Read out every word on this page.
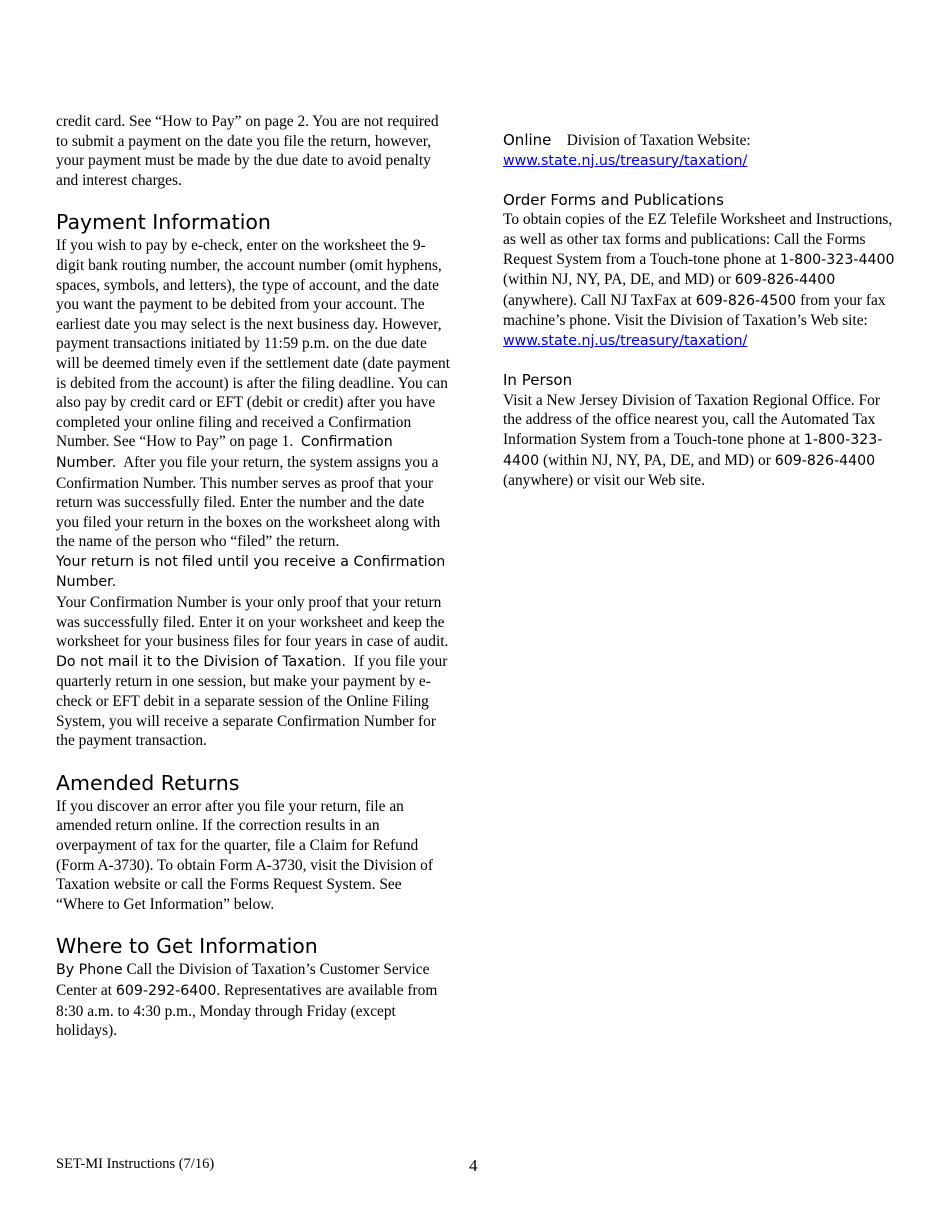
credit card. See “How to Pay” on page 2. You are not required to submit a payment on the date you file the return, however, your payment must be made by the due date to avoid penalty and interest charges.

Payment Information

If you wish to pay by e-check, enter on the worksheet the 9-digit bank routing number, the account number (omit hyphens, spaces, symbols, and letters), the type of account, and the date you want the payment to be debited from your account. The earliest date you may select is the next business day. However, payment transactions initiated by 11:59 p.m. on the due date will be deemed timely even if the settlement date (date payment is debited from the account) is after the filing deadline. You can also pay by credit card or EFT (debit or credit) after you have completed your online filing and received a Confirmation Number. See “How to Pay” on page 1. Confirmation Number. After you file your return, the system assigns you a Confirmation Number. This number serves as proof that your return was successfully filed. Enter the number and the date you filed your return in the boxes on the worksheet along with the name of the person who “filed” the return.
Your return is not filed until you receive a Confirmation Number.
Your Confirmation Number is your only proof that your return was successfully filed. Enter it on your worksheet and keep the worksheet for your business files for four years in case of audit. Do not mail it to the Division of Taxation. If you file your quarterly return in one session, but make your payment by e-check or EFT debit in a separate session of the Online Filing System, you will receive a separate Confirmation Number for the payment transaction.

Amended Returns

If you discover an error after you file your return, file an amended return online. If the correction results in an overpayment of tax for the quarter, file a Claim for Refund (Form A-3730). To obtain Form A-3730, visit the Division of Taxation website or call the Forms Request System. See “Where to Get Information” below.

Where to Get Information

By Phone Call the Division of Taxation’s Customer Service Center at 609-292-6400. Representatives are available from 8:30 a.m. to 4:30 p.m., Monday through Friday (except holidays).

Online Division of Taxation Website:
www.state.nj.us/treasury/taxation/

Order Forms and Publications

To obtain copies of the EZ Telefile Worksheet and Instructions, as well as other tax forms and publications: Call the Forms Request System from a Touch-tone phone at 1-800-323-4400 (within NJ, NY, PA, DE, and MD) or 609-826-4400 (anywhere). Call NJ TaxFax at 609-826-4500 from your fax machine’s phone. Visit the Division of Taxation’s Web site:
www.state.nj.us/treasury/taxation/

In Person

Visit a New Jersey Division of Taxation Regional Office. For the address of the office nearest you, call the Automated Tax Information System from a Touch-tone phone at 1-800-323-4400 (within NJ, NY, PA, DE, and MD) or 609-826-4400 (anywhere) or visit our Web site.

SET-MI Instructions (7/16)	4
